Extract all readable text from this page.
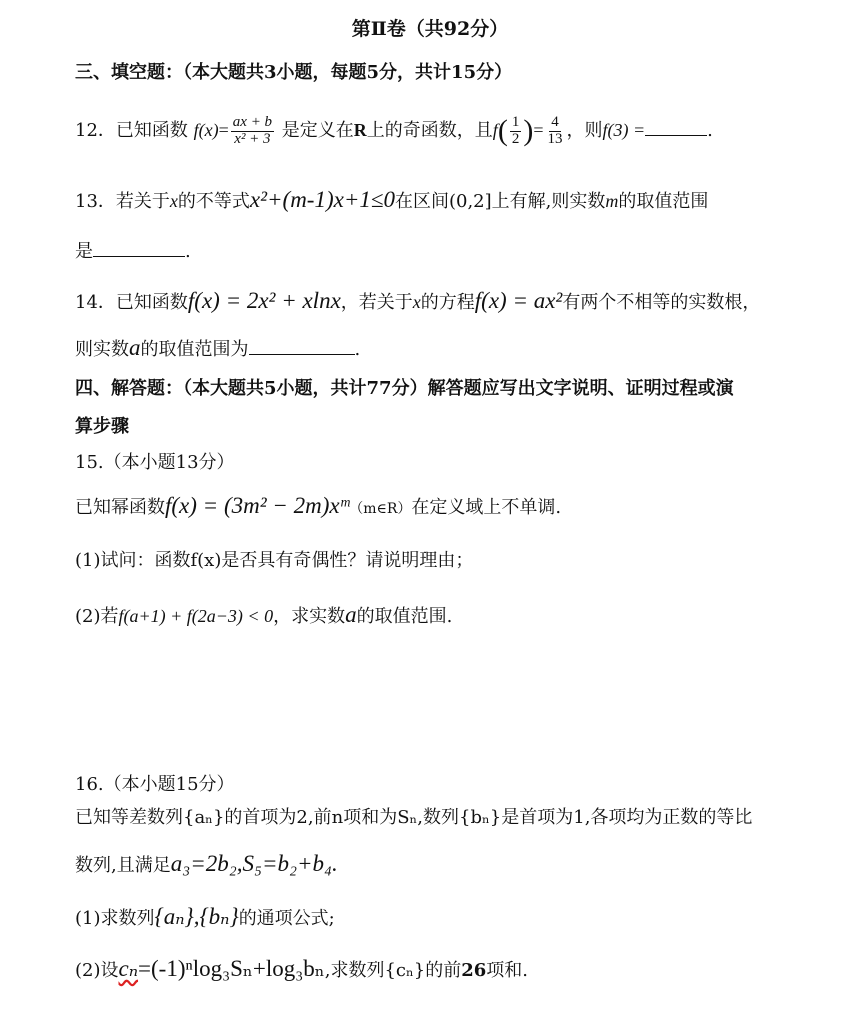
第Ⅱ卷（共92分）
三、填空题：（本大题共3小题，每题5分，共计15分）
12．已知函数 $f(x)= \frac{ax + b}{\text{x² + 3}}$ 是定义在R上的奇函数，且$f( \frac{1}{2}$ )= $\frac{4}{13}$ ，则f(3) =	.
13．若关于x的不等式x²+(m-1)x+1≤0在区间(0,2]上有解,则实数m的取值范围
是	.
14．已知函数f(x) = 2x² + xlnx，若关于x的方程f(x) = ax²有两个不相等的实数根，
则实数a的取值范围为	.
四、解答题：（本大题共5小题，共计77分）解答题应写出文字说明、证明过程或演
算步骤
15.（本小题13分）
已知幂函数f(x) = (3m² − 2m)xᵐ（m∈R）在定义域上不单调.
(1)试问：函数f(x)是否具有奇偶性？请说明理由；
(2)若f(a+1) + f(2a−3) < 0，求实数a的取值范围.
16.（本小题15分）
已知等差数列{aₙ}的首项为2,前n项和为Sₙ,数列{bₙ}是首项为1,各项均为正数的等比
数列,且满足a₃=2b₂,S₅=b₂+b₄.
(1)求数列{aₙ},{bₙ}的通项公式;
(2)设cₙ=(-1)ⁿlog₃Sₙ+log₃bₙ,求数列{cₙ}的前26项和.
